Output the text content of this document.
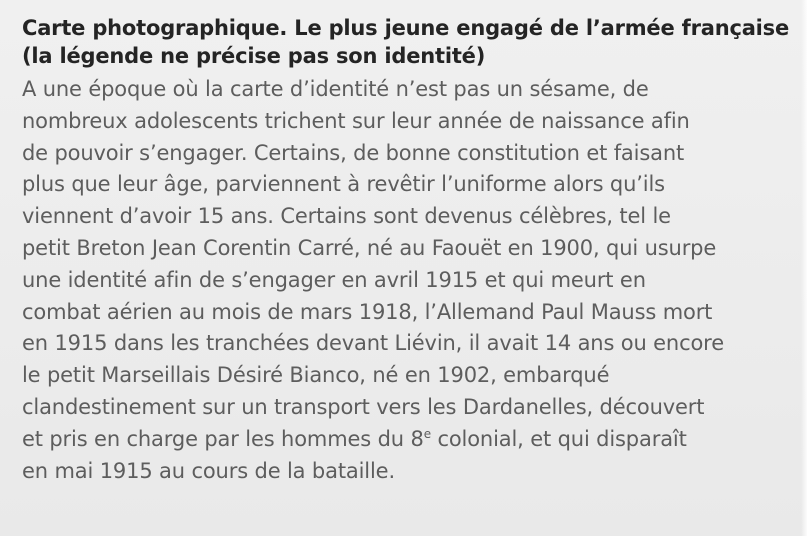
Carte photographique. Le plus jeune engagé de l’armée française
(la légende ne précise pas son identité)
A une époque où la carte d’identité n’est pas un sésame, de
nombreux adolescents trichent sur leur année de naissance afin
de pouvoir s’engager. Certains, de bonne constitution et faisant
plus que leur âge, parviennent à revêtir l’uniforme alors qu’ils
viennent d’avoir 15 ans. Certains sont devenus célèbres, tel le
petit Breton Jean Corentin Carré, né au Faouët en 1900, qui usurpe
une identité afin de s’engager en avril 1915 et qui meurt en
combat aérien au mois de mars 1918, l’Allemand Paul Mauss mort
en 1915 dans les tranchées devant Liévin, il avait 14 ans ou encore
le petit Marseillais Désiré Bianco, né en 1902, embarqué
clandestinement sur un transport vers les Dardanelles, découvert
et pris en charge par les hommes du 8e colonial, et qui disparaît
en mai 1915 au cours de la bataille.
